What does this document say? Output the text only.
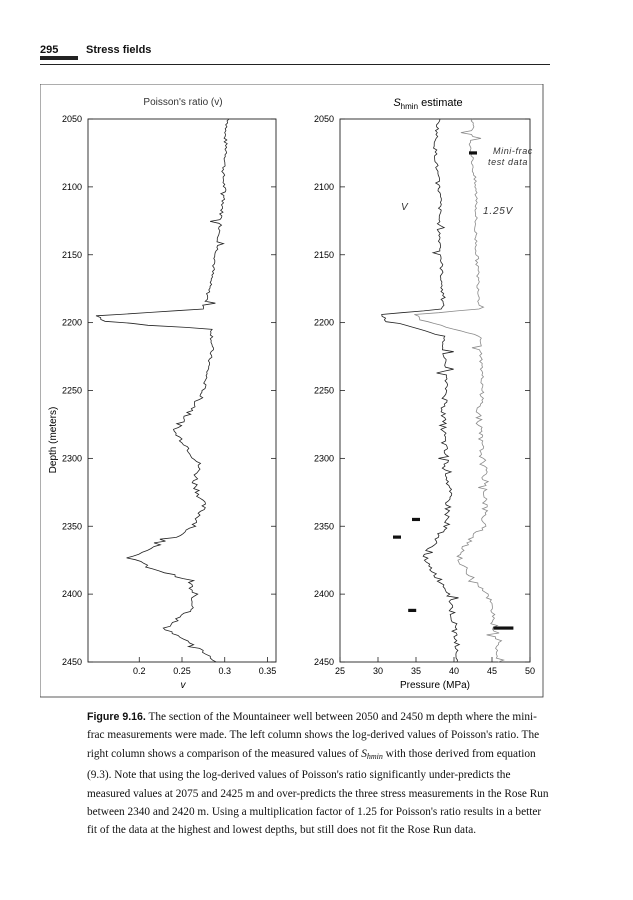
295	Stress fields
Poisson's ratio (v)
2050
2100
2150
2200
2250
2300
2350
2400
2450
0.2	0.25	0.3	0.35
v
Depth (meters)
$S_{hmin}$ estimate
2050
2100
2150
2200
2250
2300
2350
2400
2450
25	30	35	40	45	50
Pressure (MPa)
Mini-frac
test data
V	1.25V
Figure 9.16. The section of the Mountaineer well between 2050 and 2450 m depth where the mini-frac measurements were made. The left column shows the log-derived values of Poisson's ratio. The right column shows a comparison of the measured values of $S_{hmin}$ with those derived from equation (9.3). Note that using the log-derived values of Poisson's ratio significantly under-predicts the measured values at 2075 and 2425 m and over-predicts the three stress measurements in the Rose Run between 2340 and 2420 m. Using a multiplication factor of 1.25 for Poisson's ratio results in a better fit of the data at the highest and lowest depths, but still does not fit the Rose Run data.
